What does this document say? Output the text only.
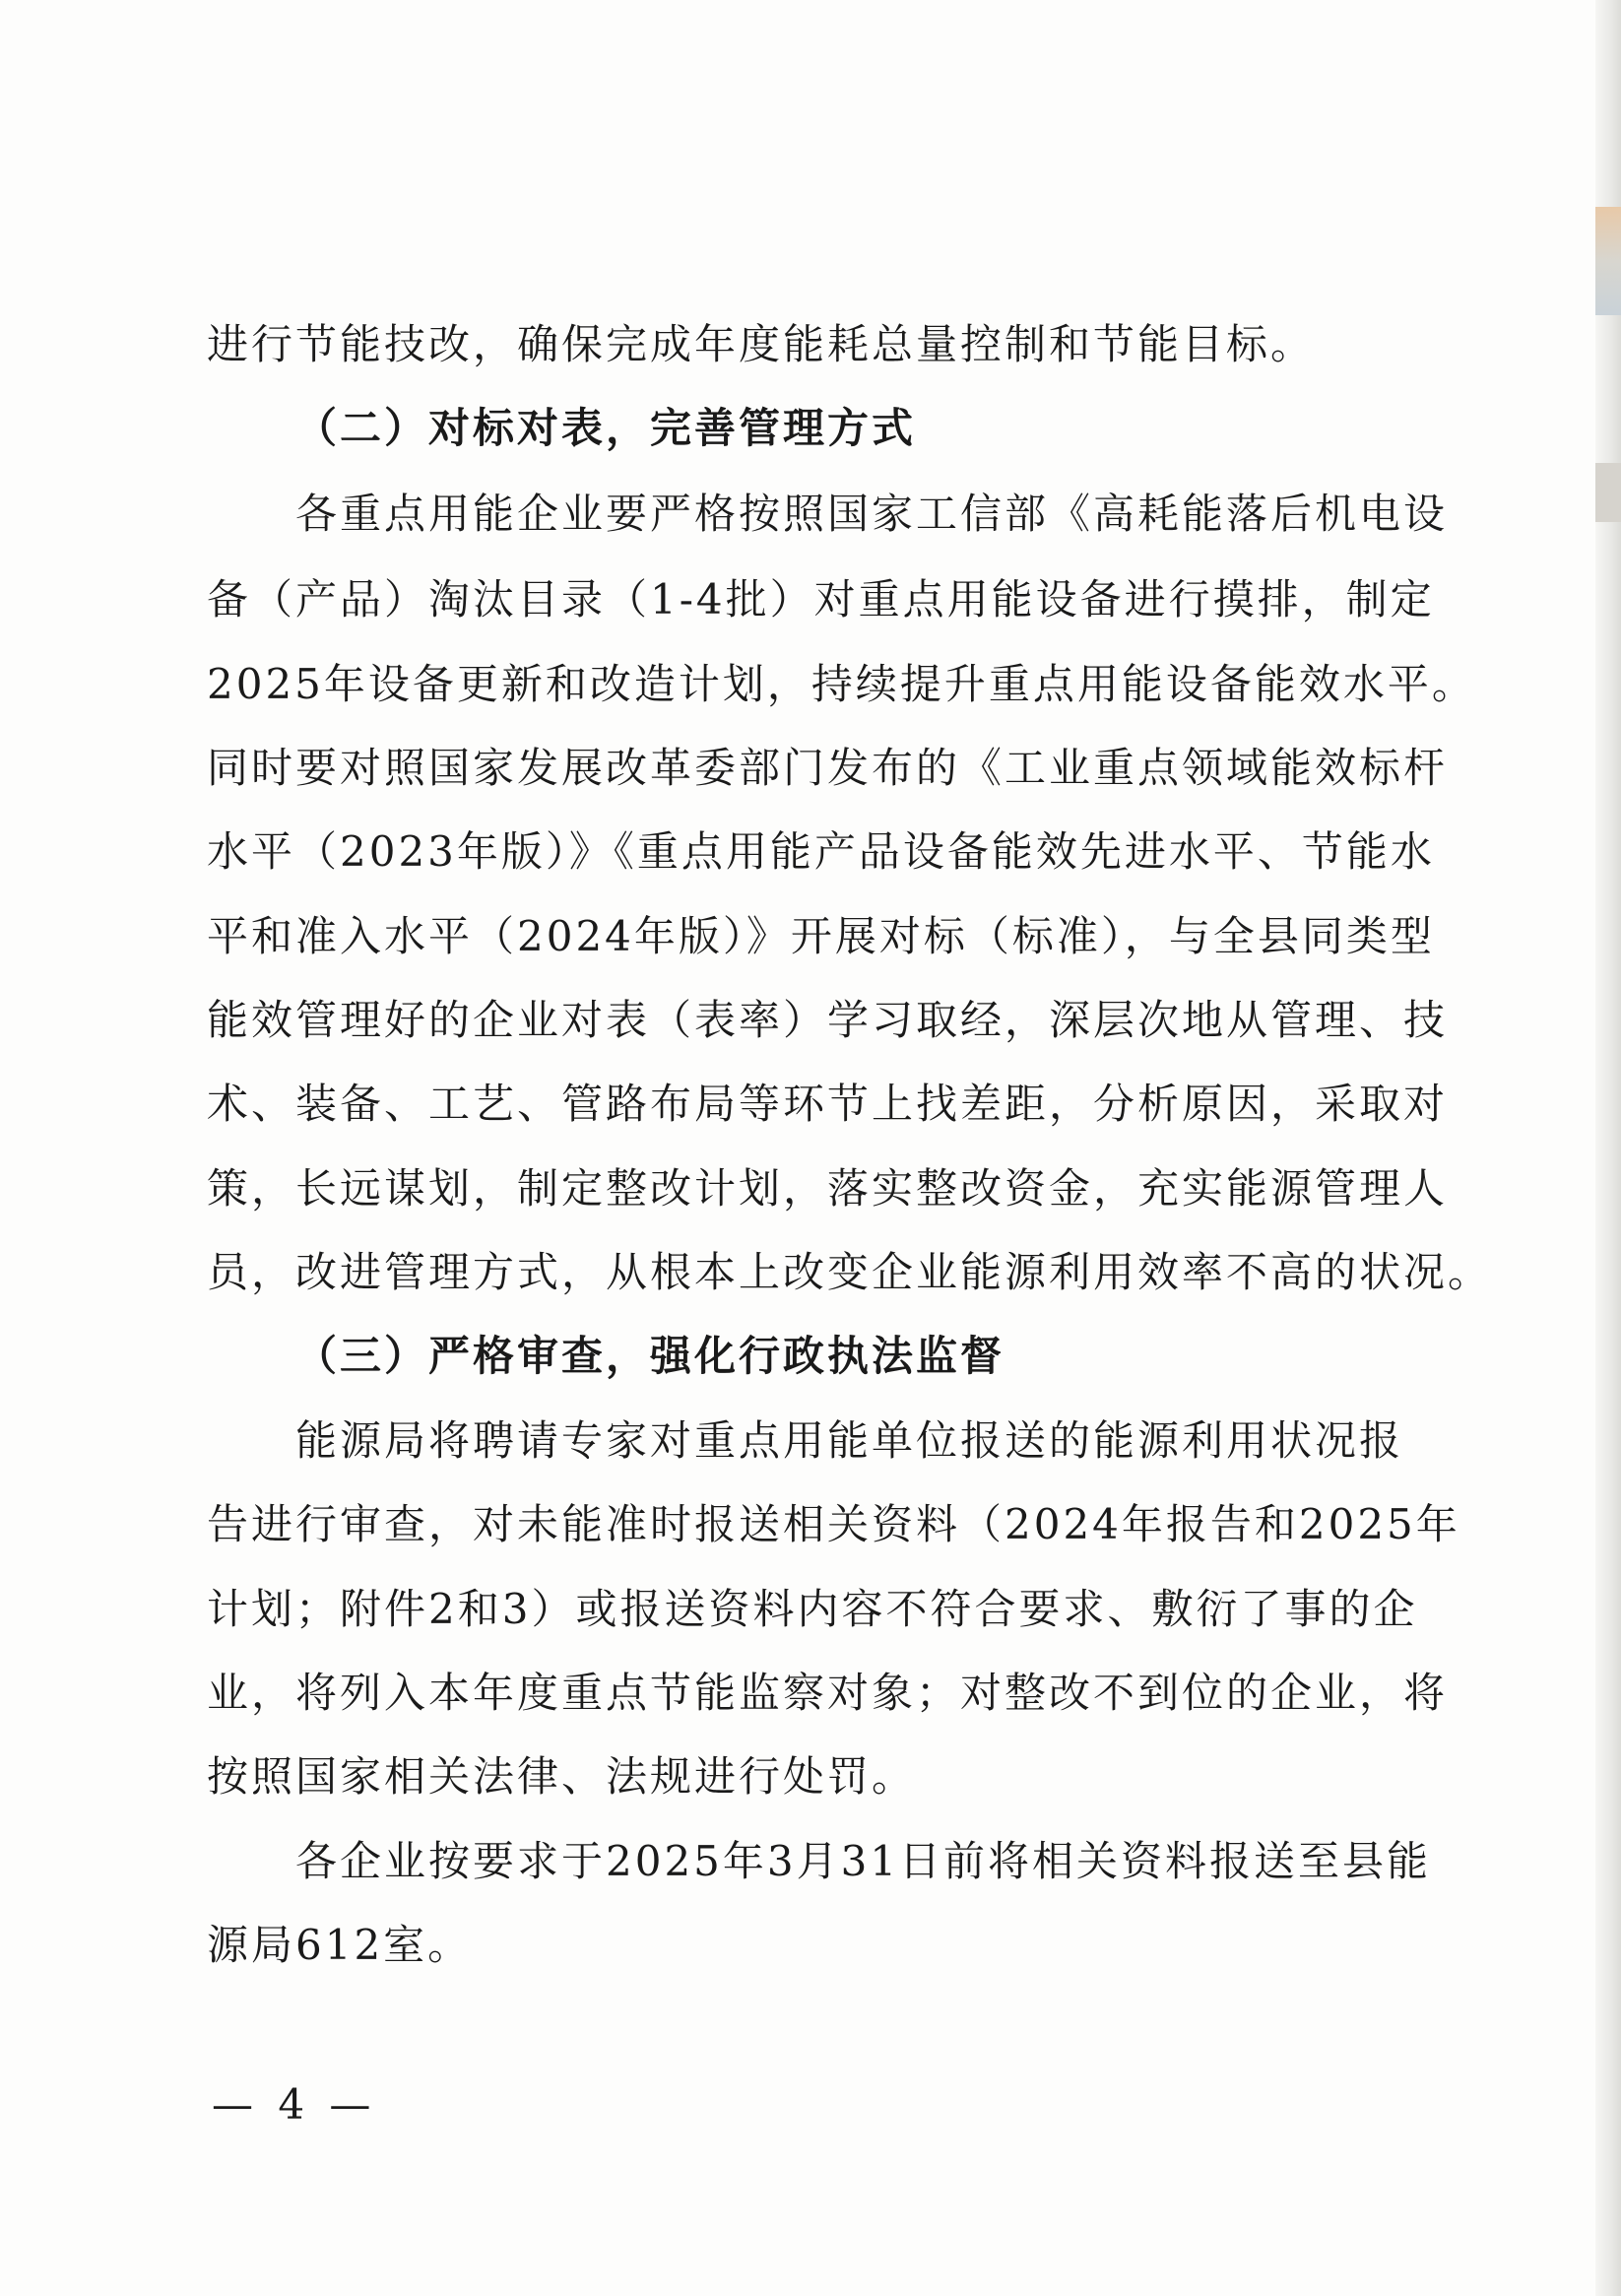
进行节能技改，确保完成年度能耗总量控制和节能目标。
（二）对标对表，完善管理方式
各重点用能企业要严格按照国家工信部《高耗能落后机电设
备（产品）淘汰目录（1-4批）对重点用能设备进行摸排，制定
2025年设备更新和改造计划，持续提升重点用能设备能效水平。
同时要对照国家发展改革委部门发布的《工业重点领域能效标杆
水平（2023年版）》《重点用能产品设备能效先进水平、节能水
平和准入水平（2024年版）》开展对标（标准），与全县同类型
能效管理好的企业对表（表率）学习取经，深层次地从管理、技
术、装备、工艺、管路布局等环节上找差距，分析原因，采取对
策，长远谋划，制定整改计划，落实整改资金，充实能源管理人
员，改进管理方式，从根本上改变企业能源利用效率不高的状况。
（三）严格审查，强化行政执法监督
能源局将聘请专家对重点用能单位报送的能源利用状况报
告进行审查，对未能准时报送相关资料（2024年报告和2025年
计划；附件2和3）或报送资料内容不符合要求、敷衍了事的企
业，将列入本年度重点节能监察对象；对整改不到位的企业，将
按照国家相关法律、法规进行处罚。
各企业按要求于2025年3月31日前将相关资料报送至县能
源局612室。
— 4 —
